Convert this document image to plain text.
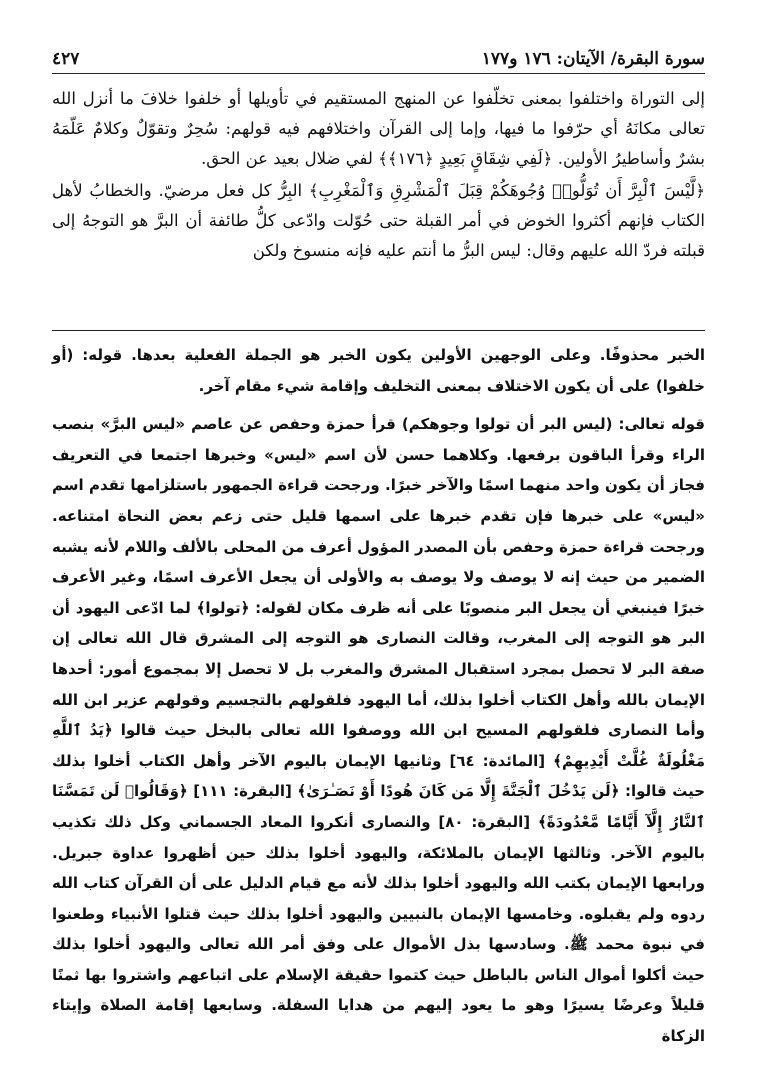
سورة البقرة/ الآيتان: ١٧٦ و١٧٧
٤٢٧

إلى التوراة واختلفوا بمعنى تخلّفوا عن المنهج المستقيم في تأويلها أو خلفوا خلافَ ما أنزل الله تعالى مكانَهُ أي حرّفوا ما فيها، وإما إلى القرآن واختلافهم فيه قولهم: سُحِرٌ وتقوّلٌ وكلامٌ عَلّمَهُ بشرٌ وأساطيرُ الأولين. ﴿لَفِي شِقَاقٍ بَعِيدٍ ﴿١٧٦﴾﴾ لفي ضلال بعيد عن الحق.

﴿لَّيْسَ ٱلْبِرَّ أَن تُوَلُّوا۟ وُجُوهَكُمْ قِبَلَ ٱلْمَشْرِقِ وَٱلْمَغْرِبِ﴾ البِرُّ كل فعل مرضيّ. والخطابُ لأهل الكتاب فإنهم أكثروا الخوض في أمر القبلة حتى حُوّلت وادّعى كلُّ طائفة أن البرَّ هو التوجهُ إلى قبلته فردّ الله عليهم وقال: ليس البرُّ ما أنتم عليه فإنه منسوخ ولكن

الخبر محذوفًا. وعلى الوجهين الأولين يكون الخبر هو الجملة الفعلية بعدها. قوله: (أو خلفوا) على أن يكون الاختلاف بمعنى التخليف وإقامة شيء مقام آخر.

قوله تعالى: (ليس البر أن تولوا وجوهكم) قرأ حمزة وحفص عن عاصم «ليس البرَّ» بنصب الراء وقرأ الباقون برفعها. وكلاهما حسن لأن اسم «ليس» وخبرها اجتمعا في التعريف فجاز أن يكون واحد منهما اسمًا والآخر خبرًا. ورجحت قراءة الجمهور باستلزامها تقدم اسم «ليس» على خبرها فإن تقدم خبرها على اسمها قليل حتى زعم بعض النحاة امتناعه. ورجحت قراءة حمزة وحفص بأن المصدر المؤول أعرف من المحلى بالألف واللام لأنه يشبه الضمير من حيث إنه لا يوصف ولا يوصف به والأولى أن يجعل الأعرف اسمًا، وغير الأعرف خبرًا فينبغي أن يجعل البر منصوبًا على أنه ظرف مكان لقوله: ﴿تولوا﴾ لما ادّعى اليهود أن البر هو التوجه إلى المغرب، وقالت النصارى هو التوجه إلى المشرق قال الله تعالى إن صفة البر لا تحصل بمجرد استقبال المشرق والمغرب بل لا تحصل إلا بمجموع أمور: أحدها الإيمان بالله وأهل الكتاب أخلوا بذلك، أما اليهود فلقولهم بالتجسيم وقولهم عزير ابن الله وأما النصارى فلقولهم المسيح ابن الله ووصفوا الله تعالى بالبخل حيث قالوا ﴿يَدُ ٱللَّهِ مَغْلُولَةٌ غُلَّتْ أَيْدِيهِمْ﴾ [المائدة: ٦٤] وثانيها الإيمان باليوم الآخر وأهل الكتاب أخلوا بذلك حيث قالوا: ﴿لَن يَدْخُلَ ٱلْجَنَّةَ إِلَّا مَن كَانَ هُودًا أَوْ نَصَـٰرَىٰ﴾ [البقرة: ١١١] ﴿وَقَالُوا۟ لَن تَمَسَّنَا ٱلنَّارُ إِلَّآ أَيَّامًا مَّعْدُودَةً﴾ [البقرة: ٨٠] والنصارى أنكروا المعاد الجسماني وكل ذلك تكذيب باليوم الآخر. وثالثها الإيمان بالملائكة، واليهود أخلوا بذلك حين أظهروا عداوة جبريل. ورابعها الإيمان بكتب الله واليهود أخلوا بذلك لأنه مع قيام الدليل على أن القرآن كتاب الله ردوه ولم يقبلوه. وخامسها الإيمان بالنبيين واليهود أخلوا بذلك حيث قتلوا الأنبياء وطعنوا في نبوة محمد ﷺ. وسادسها بذل الأموال على وفق أمر الله تعالى واليهود أخلوا بذلك حيث أكلوا أموال الناس بالباطل حيث كتموا حقيقة الإسلام على اتباعهم واشتروا بها ثمنًا قليلاً وعرضًا يسيرًا وهو ما يعود إليهم من هدايا السفلة. وسابعها إقامة الصلاة وإيتاء الزكاة
